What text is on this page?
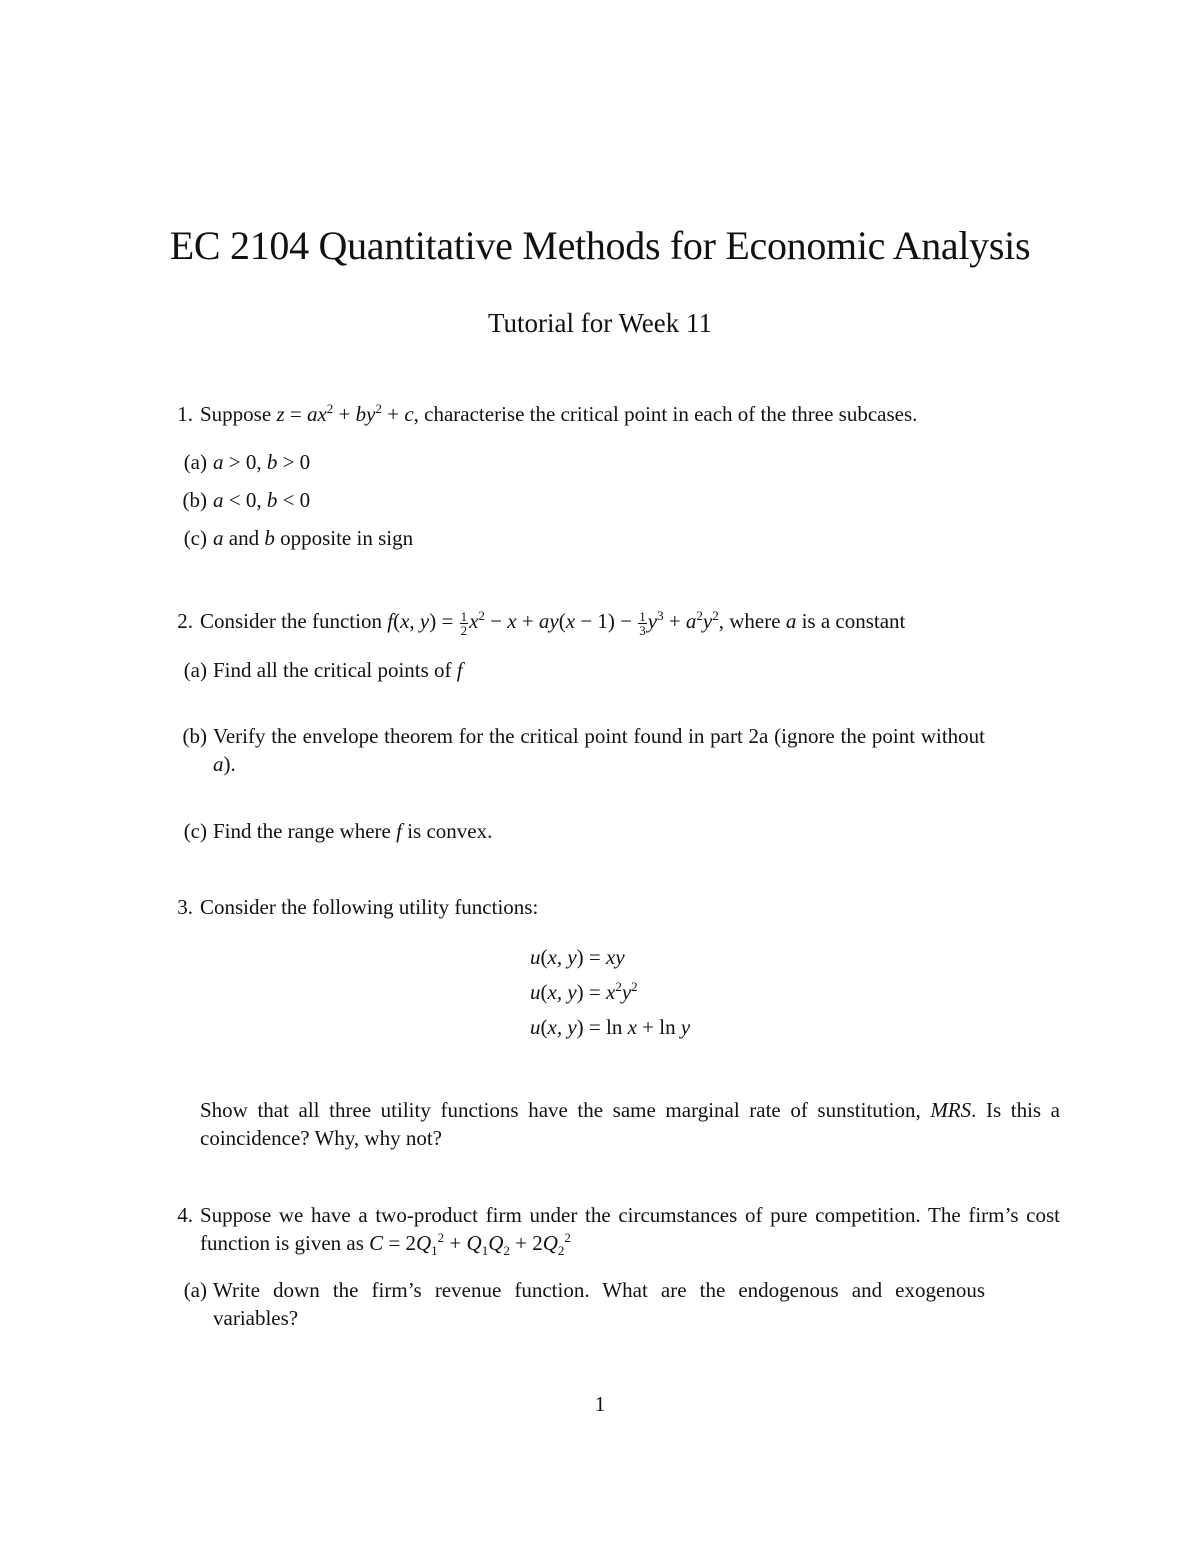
EC 2104 Quantitative Methods for Economic Analysis
Tutorial for Week 11
1. Suppose $z = ax^2 + by^2 + c$, characterise the critical point in each of the three subcases.
(a) a > 0, b > 0
(b) a < 0, b < 0
(c) a and b opposite in sign
2. Consider the function f(x, $y) = \frac{1}{2} x^2 - x + ay(x - 1) - \frac{1}{3} y^3 + a^2y^2$, where a is a constant
(a) Find all the critical points of f
(b) Verify the envelope theorem for the critical point found in part 2a (ignore the point without a).
(c) Find the range where f is convex.
3. Consider the following utility functions:
u(x, y) = xy
u(x, $y) = x^2y^2$
u(x, y) = ln x + ln y
Show that all three utility functions have the same marginal rate of sunstitution, MRS. Is this a coincidence? Why, why not?
4. Suppose we have a two-product firm under the circumstances of pure competition. The firm’s cost function is given as $C = 2Q_1^2 + Q_1Q_2 + 2Q_2^2$
(a) Write down the firm’s revenue function. What are the endogenous and exogenous variables?
1
